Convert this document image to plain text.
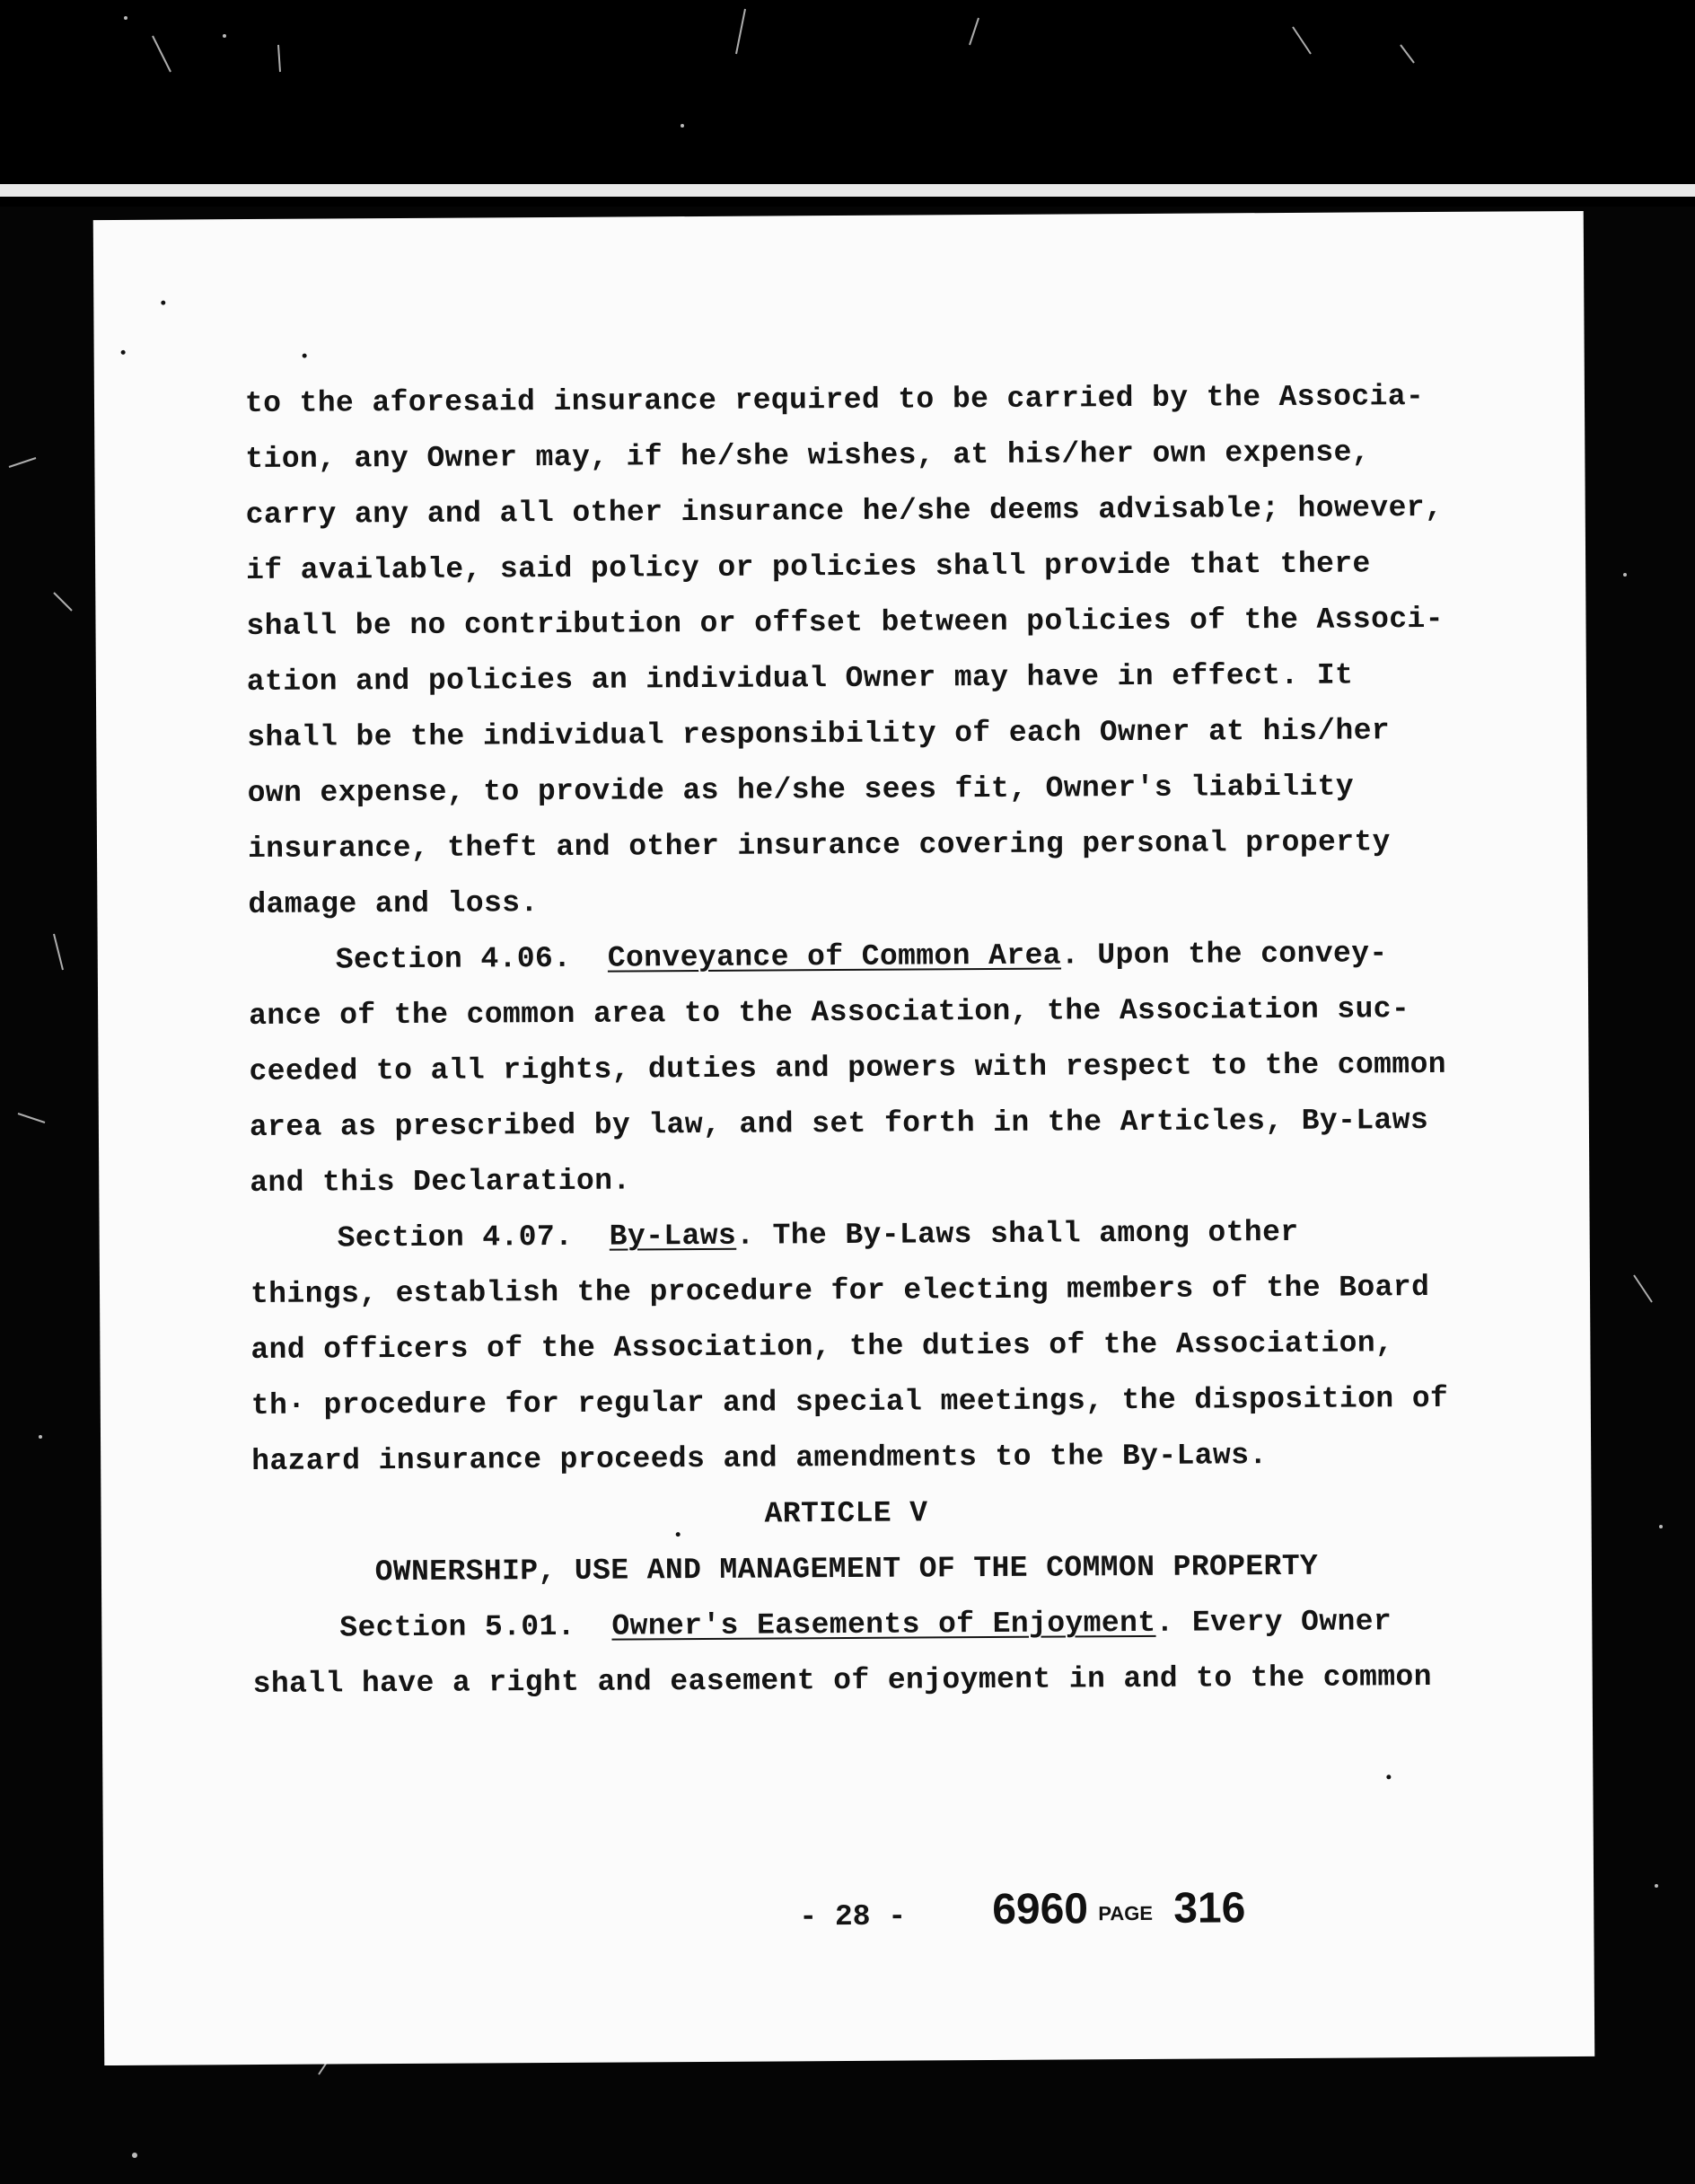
to the aforesaid insurance required to be carried by the Associa-
tion, any Owner may, if he/she wishes, at his/her own expense,
carry any and all other insurance he/she deems advisable; however,
if available, said policy or policies shall provide that there
shall be no contribution or offset between policies of the Associ-
ation and policies an individual Owner may have in effect. It
shall be the individual responsibility of each Owner at his/her
own expense, to provide as he/she sees fit, Owner's liability
insurance, theft and other insurance covering personal property
damage and loss.
Section 4.06. Conveyance of Common Area. Upon the convey-
ance of the common area to the Association, the Association suc-
ceeded to all rights, duties and powers with respect to the common
area as prescribed by law, and set forth in the Articles, By-Laws
and this Declaration.
Section 4.07. By-Laws. The By-Laws shall among other
things, establish the procedure for electing members of the Board
and officers of the Association, the duties of the Association,
th· procedure for regular and special meetings, the disposition of
hazard insurance proceeds and amendments to the By-Laws.
ARTICLE V
OWNERSHIP, USE AND MANAGEMENT OF THE COMMON PROPERTY
Section 5.01. Owner's Easements of Enjoyment. Every Owner
shall have a right and easement of enjoyment in and to the common
- 28 - 6960 PAGE 316
